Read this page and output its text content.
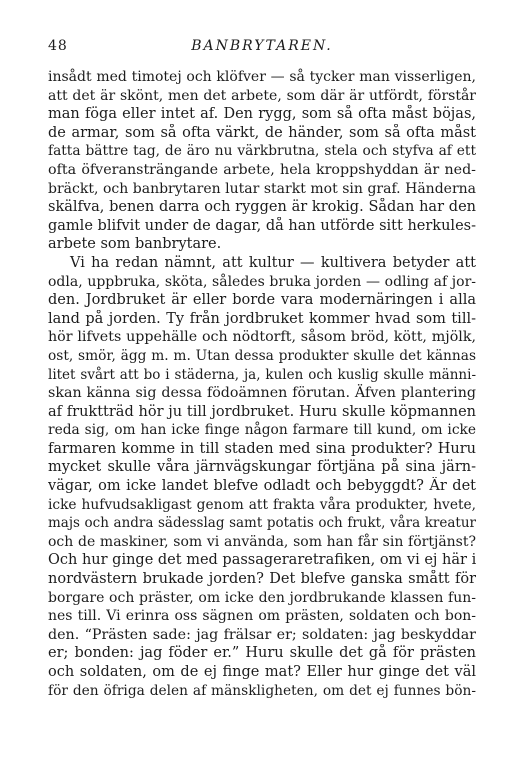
48	BANBRYTAREN.
insådt med timotej och klöfver — så tycker man visserligen,
att det är skönt, men det arbete, som där är utfördt, förstår
man föga eller intet af. Den rygg, som så ofta måst böjas,
de armar, som så ofta värkt, de händer, som så ofta måst
fatta bättre tag, de äro nu värkbrutna, stela och styfva af ett
ofta öfveransträngande arbete, hela kroppshyddan är ned-
bräckt, och banbrytaren lutar starkt mot sin graf. Händerna
skälfva, benen darra och ryggen är krokig. Sådan har den
gamle blifvit under de dagar, då han utförde sitt herkules-
arbete som banbrytare.
Vi ha redan nämnt, att kultur — kultivera betyder att
odla, uppbruka, sköta, således bruka jorden — odling af jor-
den. Jordbruket är eller borde vara modernäringen i alla
land på jorden. Ty från jordbruket kommer hvad som till-
hör lifvets uppehälle och nödtorft, såsom bröd, kött, mjölk,
ost, smör, ägg m. m. Utan dessa produkter skulle det kännas
litet svårt att bo i städerna, ja, kulen och kuslig skulle männi-
skan känna sig dessa födoämnen förutan. Äfven plantering
af fruktträd hör ju till jordbruket. Huru skulle köpmannen
reda sig, om han icke finge någon farmare till kund, om icke
farmaren komme in till staden med sina produkter? Huru
mycket skulle våra järnvägskungar förtjäna på sina järn-
vägar, om icke landet blefve odladt och bebyggdt? Är det
icke hufvudsakligast genom att frakta våra produkter, hvete,
majs och andra sädesslag samt potatis och frukt, våra kreatur
och de maskiner, som vi använda, som han får sin förtjänst?
Och hur ginge det med passageraretrafiken, om vi ej här i
nordvästern brukade jorden? Det blefve ganska smått för
borgare och präster, om icke den jordbrukande klassen fun-
nes till. Vi erinra oss sägnen om prästen, soldaten och bon-
den. “Prästen sade: jag frälsar er; soldaten: jag beskyddar
er; bonden: jag föder er.” Huru skulle det gå för prästen
och soldaten, om de ej finge mat? Eller hur ginge det väl
för den öfriga delen af mänskligheten, om det ej funnes bön-
